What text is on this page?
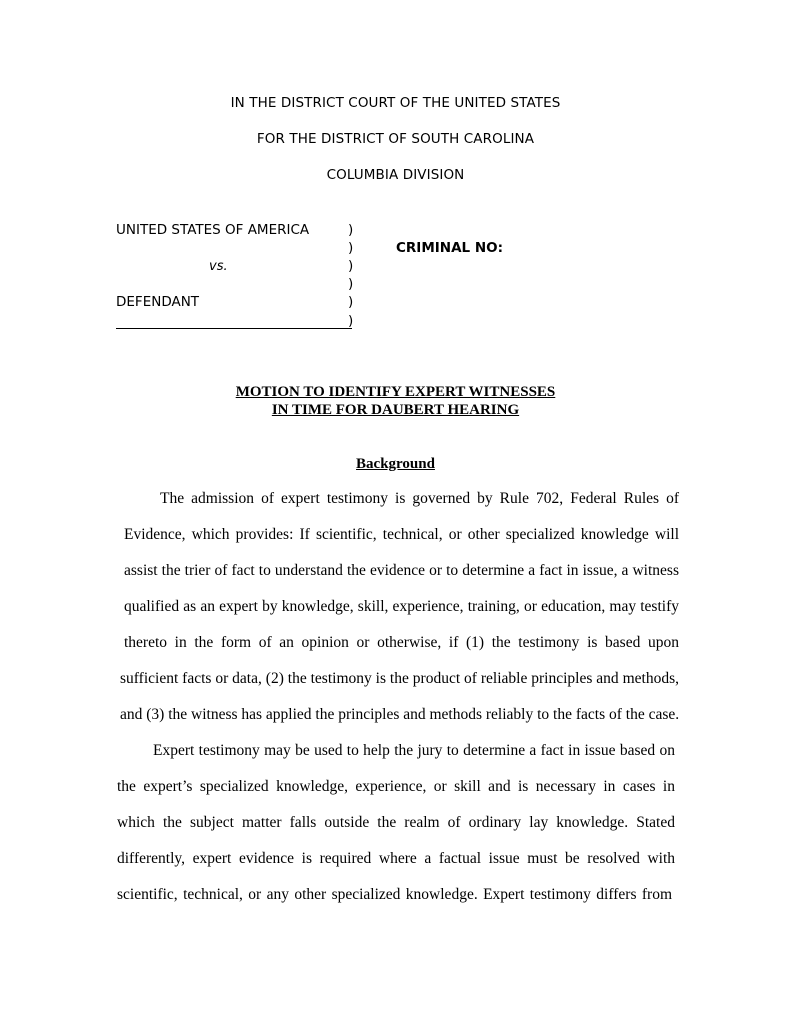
IN THE DISTRICT COURT OF THE UNITED STATES
FOR THE DISTRICT OF SOUTH CAROLINA
COLUMBIA DIVISION
UNITED STATES OF AMERICA
vs.
DEFENDANT
)
)
)
)
)
)
CRIMINAL NO:
MOTION TO IDENTIFY EXPERT WITNESSES
IN TIME FOR DAUBERT HEARING
Background
The admission of expert testimony is governed by Rule 702, Federal Rules of
Evidence, which provides: If scientific, technical, or other specialized knowledge will
assist the trier of fact to understand the evidence or to determine a fact in issue, a witness
qualified as an expert by knowledge, skill, experience, training, or education, may testify
thereto in the form of an opinion or otherwise, if (1) the testimony is based upon
sufficient facts or data, (2) the testimony is the product of reliable principles and methods,
and (3) the witness has applied the principles and methods reliably to the facts of the case.
Expert testimony may be used to help the jury to determine a fact in issue based on
the expert’s specialized knowledge, experience, or skill and is necessary in cases in
which the subject matter falls outside the realm of ordinary lay knowledge. Stated
differently, expert evidence is required where a factual issue must be resolved with
scientific, technical, or any other specialized knowledge. Expert testimony differs from
